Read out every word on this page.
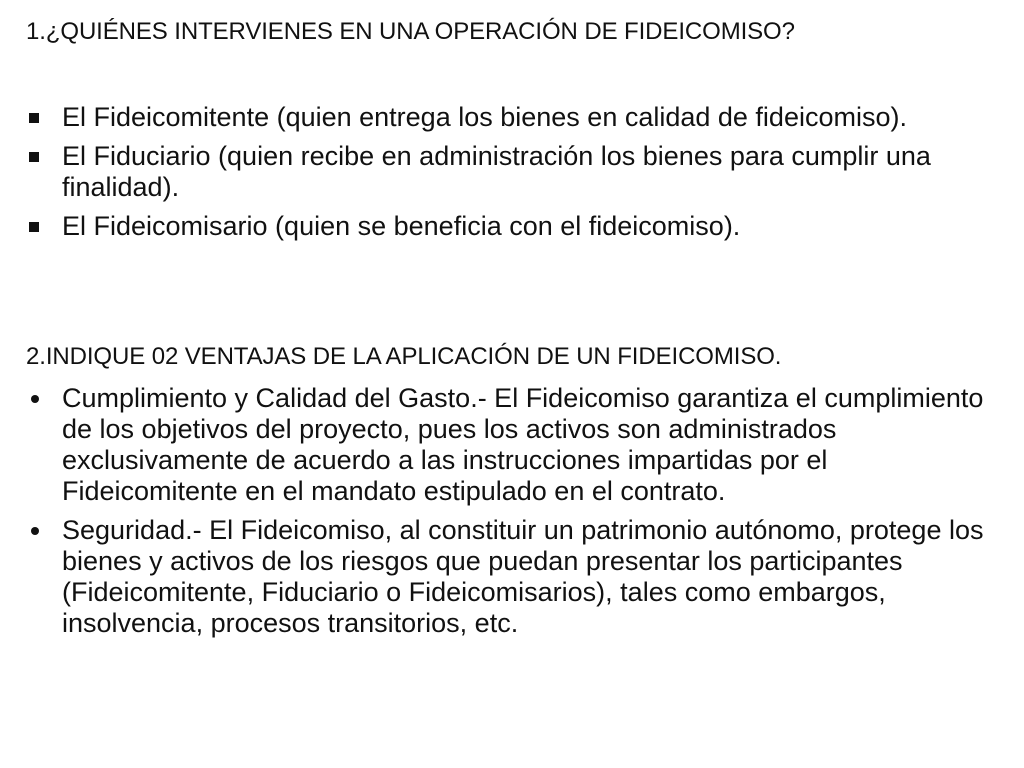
1.¿QUIÉNES INTERVIENES EN UNA OPERACIÓN DE FIDEICOMISO?
El Fideicomitente (quien entrega los bienes en calidad de fideicomiso).
El Fiduciario (quien recibe en administración los bienes para cumplir una finalidad).
El Fideicomisario (quien se beneficia con el fideicomiso).
2.INDIQUE 02 VENTAJAS DE LA APLICACIÓN DE UN FIDEICOMISO.
Cumplimiento y Calidad del Gasto.- El Fideicomiso garantiza el cumplimiento de los objetivos del proyecto, pues los activos son administrados exclusivamente de acuerdo a las instrucciones impartidas por el Fideicomitente en el mandato estipulado en el contrato.
Seguridad.- El Fideicomiso, al constituir un patrimonio autónomo, protege los bienes y activos de los riesgos que puedan presentar los participantes (Fideicomitente, Fiduciario o Fideicomisarios), tales como embargos, insolvencia, procesos transitorios, etc.
